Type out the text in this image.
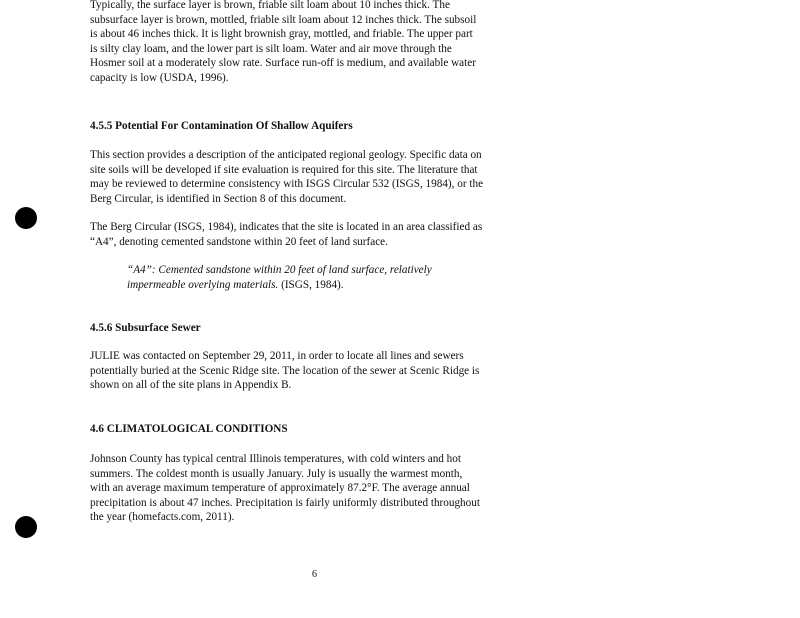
Typically, the surface layer is brown, friable silt loam about 10 inches thick. The
subsurface layer is brown, mottled, friable silt loam about 12 inches thick. The subsoil
is about 46 inches thick. It is light brownish gray, mottled, and friable. The upper part
is silty clay loam, and the lower part is silt loam. Water and air move through the
Hosmer soil at a moderately slow rate. Surface run-off is medium, and available water
capacity is low (USDA, 1996).

4.5.5 Potential For Contamination Of Shallow Aquifers

This section provides a description of the anticipated regional geology. Specific data on
site soils will be developed if site evaluation is required for this site. The literature that
may be reviewed to determine consistency with ISGS Circular 532 (ISGS, 1984), or the
Berg Circular, is identified in Section 8 of this document.

The Berg Circular (ISGS, 1984), indicates that the site is located in an area classified as
“A4”, denoting cemented sandstone within 20 feet of land surface.

“A4”: Cemented sandstone within 20 feet of land surface, relatively
impermeable overlying materials. (ISGS, 1984).
4.5.6 Subsurface Sewer

JULIE was contacted on September 29, 2011, in order to locate all lines and sewers
potentially buried at the Scenic Ridge site. The location of the sewer at Scenic Ridge is
shown on all of the site plans in Appendix B.

4.6 CLIMATOLOGICAL CONDITIONS

Johnson County has typical central Illinois temperatures, with cold winters and hot
summers. The coldest month is usually January. July is usually the warmest month,
with an average maximum temperature of approximately 87.2°F. The average annual
precipitation is about 47 inches. Precipitation is fairly uniformly distributed throughout
the year (homefacts.com, 2011).

6
